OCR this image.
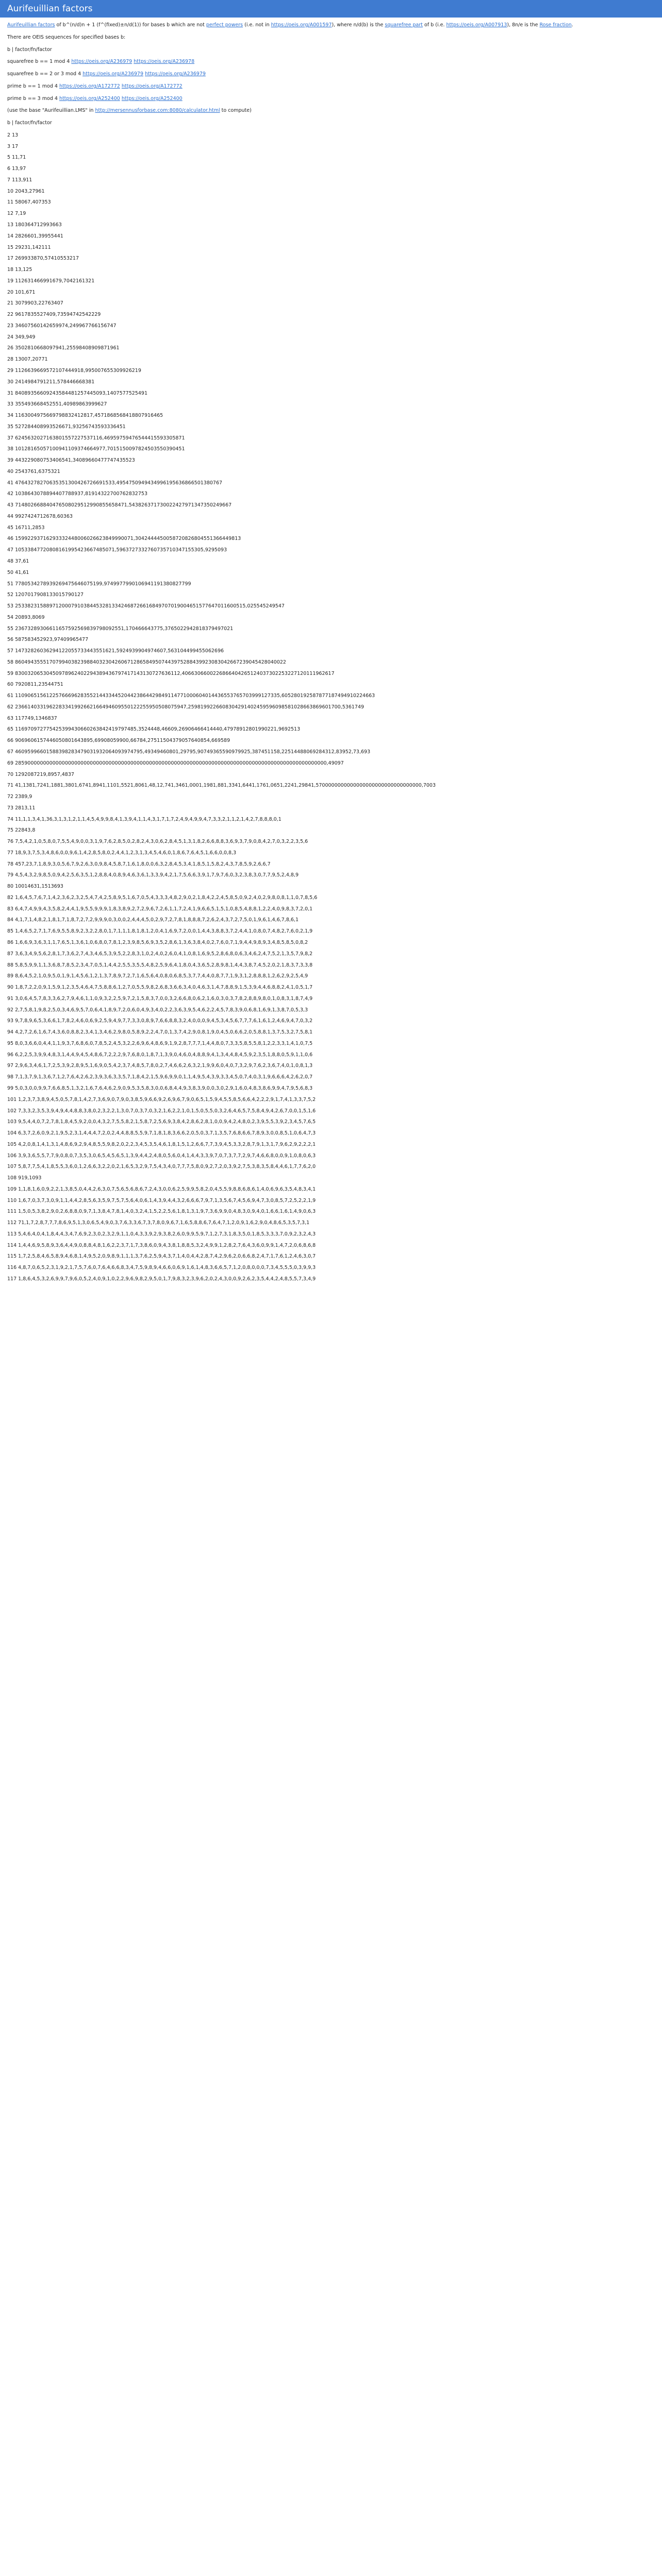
Aurifeuillian factors

Aurifeuillian factors of b^(n/d)n + 1 (f^(fixed)±n/d(1)) for bases b which are not perfect powers (i.e. not in https://oeis.org/A001597), where n/d(b) is the squarefree part of b (i.e. https://oeis.org/A007913), 8n/e is the Rose fraction.

There are OEIS sequences for specified bases b:

b | factor/fn/factor

squarefree b == 1 mod 4 https://oeis.org/A236979 https://oeis.org/A236978

squarefree b == 2 or 3 mod 4 https://oeis.org/A236979 https://oeis.org/A236979

prime b == 1 mod 4 https://oeis.org/A172772 https://oeis.org/A172772

prime b == 3 mod 4 https://oeis.org/A252400 https://oeis.org/A252400

(use the base "Aurifeuillian.LMS" in http://mersennusforbase.com:8080/calculator.html to compute)

b | factor/fn/factor

2 13
3 17
5 11,71
6 13,97
7 113,911
10 2043,27961
11 58067,407353
12 7,19
13 180364712993663
14 2826601,39955441
15 29231,142111
17 269933870,57410553217
18 13,125
19 112631466991679,7042161321
20 101,671
21 3079903,22763407
22 9617835527409,73594742542229
23 34607560142659974,249967766156747
24 349,949
26 3502810668097941,25598408909871961
28 13007,20771
29 1126639669572107444918,995007655309926219
30 2414984791211,578446668381
31 84089356609243584481257445093,1407577525491
33 355493668452551,40989863999627
34 1163004975669798832412817,4571868568418807916465
35 527284408993526671,93256743593336451
37 6245632027163801557227537116,46959759476544415593305871
38 10128165057100941109374664977,7015150097824503550390451
39 443229080753406541,34089660477747435523
40 2543761,6375321
41 47643278270635351300426726691533,4954750949434996195636866501380767
42 1038643078894407788937,81914322700762832753
43 714802668840476508029512990855658471,543826371730022427971347350249667
44 9927424712678,60363
45 16711,2853
46 15992293716293332448006026623849990071,3042444450058720826804551366449813
47 10533847720808161995423667485071,5963727332760735710347155305,9295093
48 37,61
50 41,61
51 7780534278939269475646075199,9749977990106941191380827799
52 1207017908133015790127
53 25338231588971200079103844532813342468726616849707019004651577647011600515,025545249547
54 20893,8069
55 23673289306611657592569839798092551,170466643775,3765022942818379497021
56 587583452923,97409965477
57 14732826036294122055733443551621,5924939904974607,563104499455062696
58 860494355517079940382398840323042606712865849507443975288439923083042667239045428040022
59 83003206530450978962402294389436797417143130727636112,4066306600226866404265124037302253227120111962617
60 7920811,23544751
61 1109065156122576669628355214433445204423864429849114771000604014436553765703999127335,605280192587877187494910224663
62 2366140331962283341992662166494609550122255950508075947,2598199226608304291402459596098581028663869601700,5361749
63 117749,1346837
65 116970972775425399430660263842419797485,3524448,46609,26906466414440,47978912801990221,9692513
66 9069606157446050801643895,69908059900,66784,27511504379057640854,669589
67 46095996601588398283479031932064093974795,49349460801,29795,90749365590979925,387451158,22514488069284312,83952,73,693
69 2859000000000000000000000000000000000000000000000000000000000000000000000000000000000000000000000000,49097
70 1292087219,8957,4837
71 41,1381,7241,1881,3801,6741,8941,1101,5521,8061,48,12,741,3461,0001,1981,881,3341,6441,1761,0651,2241,29841,5700000000000000000000000000000000,7003
72 2389,9
73 2813,11
74 11,1,1,3,4,1,36,3,1,3,1,2,1,1,4,5,4,9,9,8,4,1,3,9,4,1,1,4,3,1,7,1,7,2,4,9,4,9,9,4,7,3,3,2,1,1,2,1,4,2,7,8,8,8,0,1
75 22843,8
76 7,5,4,2,1,0,5,8,0,7,5,5,4,9,0,0,3,1,9,7,6,2,8,5,0,2,8,2,4,3,0,6,2,8,4,5,1,3,1,8,2,6,6,8,8,3,6,9,3,7,9,0,8,4,2,7,0,3,2,2,3,5,6
77 18,9,3,7,5,3,4,8,6,0,0,9,6,1,4,2,8,5,8,0,2,4,4,1,2,3,1,3,4,5,4,6,0,1,8,6,7,6,4,5,1,6,6,0,0,8,3
78 457,23,7,1,8,9,3,0,5,6,7,9,2,6,3,0,9,8,4,5,8,7,1,6,1,8,0,0,6,3,2,8,4,5,3,4,1,8,5,1,5,8,2,4,3,7,8,5,9,2,6,6,7
79 4,5,4,3,2,9,8,5,0,9,4,2,5,6,3,5,1,2,8,8,4,0,8,9,4,6,3,6,1,3,3,9,4,2,1,7,5,6,6,3,9,1,7,9,7,6,0,3,2,3,8,3,0,7,7,9,5,2,4,8,9
80 10014631,1513693
82 1,6,4,5,7,6,7,1,4,2,3,6,2,3,2,5,4,7,4,2,5,8,9,5,1,6,7,0,5,4,3,3,3,4,8,2,9,0,2,1,8,4,2,2,4,5,8,5,0,9,2,4,0,2,9,8,0,8,1,1,0,7,8,5,6
83 6,4,7,4,9,9,4,3,5,8,2,4,4,1,9,5,5,9,9,9,1,8,3,8,9,2,7,2,9,6,7,2,6,1,1,7,2,4,1,9,6,6,5,1,5,1,0,8,5,4,8,8,1,2,2,4,0,9,8,3,7,2,0,1
84 4,1,7,1,4,8,2,1,8,1,7,1,8,7,2,7,2,9,9,9,0,3,0,0,2,4,4,4,5,0,2,9,7,2,7,8,1,8,8,8,7,2,6,2,4,3,7,2,7,5,0,1,9,6,1,4,6,7,8,6,1
85 1,4,6,5,2,7,1,7,6,9,5,5,8,9,2,3,2,2,8,0,1,7,1,1,1,8,1,8,1,2,0,4,1,6,9,7,2,0,0,1,4,4,3,8,8,3,7,2,4,4,1,0,8,0,7,4,8,2,7,6,0,2,1,9
86 1,6,6,9,3,6,3,1,1,7,6,5,1,3,6,1,0,6,8,0,7,8,1,2,3,9,8,5,6,9,3,5,2,8,6,1,3,6,3,8,4,0,2,7,6,0,7,1,9,4,4,9,8,9,3,4,8,5,8,5,0,8,2
87 3,6,3,4,9,5,6,2,8,1,7,3,6,2,7,4,3,4,6,5,3,9,5,2,2,8,3,1,0,2,4,0,2,6,0,4,1,0,8,1,6,9,5,2,8,6,8,0,6,3,4,6,2,4,7,5,2,1,3,5,7,9,8,2
88 5,8,5,9,9,1,1,3,6,8,7,8,5,2,3,4,7,0,5,1,4,4,2,5,5,3,5,5,4,8,2,5,9,6,4,1,8,0,4,3,6,5,2,8,9,8,1,4,4,3,8,7,4,5,2,0,2,1,8,3,7,3,3,8
89 8,6,4,5,2,1,0,9,5,0,1,9,1,4,5,6,1,2,1,3,7,8,9,7,2,7,1,6,5,6,4,0,8,0,6,8,5,3,7,7,4,4,0,8,7,7,1,9,3,1,2,8,8,8,1,2,6,2,9,2,5,4,9
90 1,8,7,2,2,0,9,1,5,9,1,2,3,5,4,6,4,7,5,8,8,6,1,2,7,0,5,5,9,8,2,6,8,3,6,6,3,4,0,4,6,3,1,4,7,8,8,9,1,5,3,9,4,4,6,8,8,2,4,1,0,5,1,7
91 3,0,6,4,5,7,8,3,3,6,2,7,9,4,6,1,1,0,9,3,2,2,5,9,7,2,1,5,8,3,7,0,0,3,2,6,6,8,0,6,2,1,6,0,3,0,3,7,8,2,8,8,9,8,0,1,0,8,3,1,8,7,4,9
92 2,7,5,8,1,9,8,2,5,0,3,4,6,9,5,7,0,6,4,1,8,9,7,2,0,6,0,4,9,3,4,0,2,2,3,6,3,9,5,4,6,2,2,4,5,7,8,3,9,0,6,8,1,6,9,1,3,8,7,0,5,3,3
93 9,7,8,9,6,5,3,6,6,1,7,8,2,4,6,0,6,9,2,5,9,4,9,7,7,3,3,0,8,9,7,6,6,8,8,3,2,4,0,0,0,9,4,5,3,4,5,6,7,7,7,6,1,6,1,2,4,6,9,4,7,0,3,2
94 4,2,7,2,6,1,6,7,4,3,6,0,8,8,2,3,4,1,3,4,6,2,9,8,0,5,8,9,2,2,4,7,0,1,3,7,4,2,9,0,8,1,9,0,4,5,0,6,6,2,0,5,8,8,1,3,7,5,3,2,7,5,8,1
95 8,0,3,6,6,0,4,4,1,1,9,3,7,6,8,6,0,7,8,5,2,4,5,3,2,2,6,9,6,4,8,6,9,1,9,2,8,7,7,7,1,4,4,8,0,7,3,3,5,8,5,5,8,1,2,2,3,3,1,4,1,0,7,5
96 6,2,2,5,3,9,9,4,8,3,1,4,4,9,4,5,4,8,6,7,2,2,2,9,7,6,8,0,1,8,7,1,3,9,0,4,6,0,4,8,8,9,4,1,3,4,4,8,4,5,9,2,3,5,1,8,8,0,5,9,1,1,0,6
97 2,9,6,3,4,6,1,7,2,5,3,9,2,8,9,5,1,6,9,0,5,4,2,3,7,4,8,5,7,8,0,2,7,4,6,6,2,6,3,2,1,9,9,6,0,4,0,7,3,2,9,7,6,2,3,6,7,4,0,1,0,8,1,3
98 7,1,3,7,9,1,3,6,7,1,2,7,6,4,2,6,2,3,9,3,6,3,3,5,7,1,8,4,2,1,5,9,6,9,9,0,1,1,4,9,5,4,3,9,3,3,4,5,0,7,4,0,3,1,9,6,6,6,4,2,6,2,0,7
99 5,0,3,0,0,9,9,7,6,6,8,5,1,3,2,1,6,7,6,4,6,2,9,0,9,5,3,5,8,3,0,0,6,8,4,4,9,3,8,3,9,0,0,3,0,2,9,1,6,0,4,8,3,8,6,9,9,4,7,9,5,6,8,3
101 1,2,3,7,3,8,9,4,5,0,5,7,8,1,4,2,7,3,6,9,0,7,9,0,3,8,5,9,6,6,9,2,6,9,6,7,9,0,6,5,1,5,9,4,5,5,8,5,6,6,4,2,2,2,9,1,7,4,1,3,3,7,5,2
102 7,3,3,2,3,5,3,9,4,9,4,4,8,8,3,8,0,2,3,2,2,1,3,0,7,0,3,7,0,3,2,1,6,2,2,1,0,1,5,0,5,5,0,3,2,6,4,6,5,7,5,8,4,9,4,2,6,7,0,0,1,5,1,6
103 9,5,4,4,0,7,2,7,8,1,8,4,5,9,2,0,0,4,3,2,7,5,5,8,2,1,5,8,7,2,5,6,9,3,8,4,2,8,6,2,8,1,0,0,9,4,2,4,8,0,2,3,9,5,5,3,9,2,3,4,5,7,6,5
104 6,3,7,2,6,0,9,2,1,9,5,2,3,1,4,4,4,7,2,0,2,4,4,8,8,5,5,9,7,1,8,1,8,3,6,6,2,0,5,0,3,7,1,3,5,7,6,8,6,6,7,8,9,3,0,0,8,5,1,0,6,4,7,3
105 4,2,0,8,1,4,1,3,1,4,8,6,9,2,9,4,8,5,5,9,8,2,0,2,2,3,4,5,3,5,4,6,1,8,1,5,1,2,6,6,7,7,3,9,4,5,3,3,2,8,7,9,1,3,1,7,9,6,2,9,2,2,2,1
106 3,9,3,6,5,5,7,7,9,0,8,0,7,3,5,3,0,6,5,4,5,6,5,1,3,9,4,4,2,4,8,0,5,6,0,4,1,4,4,3,3,9,7,0,7,3,7,7,2,9,7,4,6,6,8,0,0,9,1,0,8,0,6,3
107 5,8,7,7,5,4,1,8,5,5,3,6,0,1,2,6,6,3,2,2,0,2,1,6,5,3,2,9,7,5,4,3,4,0,7,7,7,5,8,0,9,2,7,2,0,3,9,2,7,5,3,8,3,5,8,4,4,6,1,7,7,6,2,0
108 919,1093
109 1,1,8,1,6,0,9,2,2,1,3,8,5,0,4,4,2,6,3,0,7,5,6,5,6,8,6,7,2,4,3,0,0,6,2,5,9,9,5,8,2,0,4,5,5,9,8,8,6,8,6,1,4,0,6,9,6,3,5,4,8,3,4,1
110 1,6,7,0,3,7,3,0,9,1,1,4,4,2,8,5,6,3,5,9,7,5,7,5,6,4,0,6,1,4,3,9,4,4,3,2,6,6,6,7,9,7,1,3,5,6,7,4,5,6,9,4,7,3,0,8,5,7,2,5,2,2,1,9
111 1,5,0,5,3,8,2,9,0,2,6,8,8,0,9,7,1,3,8,4,7,8,1,4,0,3,2,4,1,5,2,2,5,6,1,8,1,3,1,9,7,3,6,9,9,0,4,8,3,0,9,4,0,1,6,6,1,6,1,4,9,0,6,3
112 71,1,7,2,8,7,7,7,8,6,9,5,1,3,0,6,5,4,9,0,3,7,6,3,3,6,7,3,7,8,0,9,6,7,1,6,5,8,8,6,7,6,4,7,1,2,0,9,1,6,2,9,0,4,8,6,5,3,5,7,3,1
113 5,4,6,4,0,4,1,8,4,4,3,4,7,6,9,2,3,0,2,3,2,9,1,1,0,4,3,3,9,2,9,3,8,2,6,0,9,9,5,9,7,1,2,7,3,1,8,3,5,0,1,8,5,3,3,3,7,0,9,2,3,2,4,3
114 1,4,4,6,9,5,8,9,3,6,4,4,9,0,8,8,4,8,1,6,2,2,3,7,1,7,3,8,6,0,9,4,3,8,1,8,8,5,3,2,4,9,9,1,2,8,2,7,6,4,3,6,0,9,9,1,4,7,2,0,6,8,6,8
115 1,7,2,5,8,4,6,5,8,9,4,6,8,1,4,9,5,2,0,9,8,9,1,1,1,3,7,6,2,5,9,4,3,7,1,4,0,4,4,2,8,7,4,2,9,6,2,0,6,6,8,2,4,7,1,7,6,1,2,4,6,3,0,7
116 4,8,7,0,6,5,2,3,1,9,2,1,7,5,7,6,0,7,6,4,6,6,8,3,4,7,5,9,8,9,4,6,6,0,6,9,1,6,1,4,8,3,6,6,5,7,1,2,0,8,0,0,0,7,3,4,5,5,5,0,3,9,9,3
117 1,8,6,4,5,3,2,6,9,9,7,9,6,0,5,2,4,0,9,1,0,2,2,9,6,9,8,2,9,5,0,1,7,9,8,3,2,3,9,6,2,0,2,4,3,0,0,9,2,6,2,3,5,4,4,2,4,8,5,5,7,3,4,9
